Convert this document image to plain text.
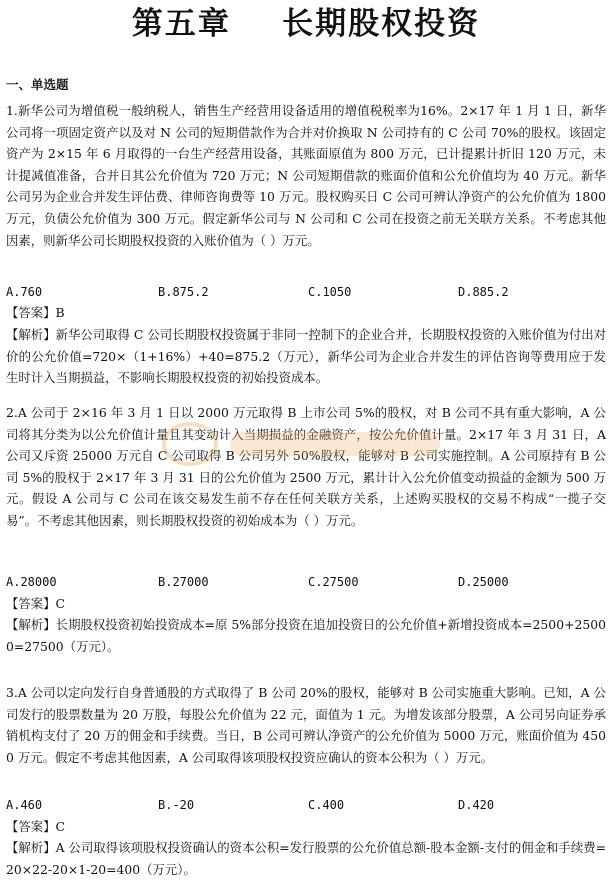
第五章    长期股权投资
一、单选题
1.新华公司为增值税一般纳税人，销售生产经营用设备适用的增值税税率为16%。2×17 年 1 月 1 日，新华公司将一项固定资产以及对 N 公司的短期借款作为合并对价换取 N 公司持有的 C 公司 70%的股权。该固定资产为 2×15 年 6 月取得的一台生产经营用设备，其账面原值为 800 万元，已计提累计折旧 120 万元，未计提减值准备，合并日其公允价值为 720 万元；N 公司短期借款的账面价值和公允价值均为 40 万元。新华公司另为企业合并发生评估费、律师咨询费等 10 万元。股权购买日 C 公司可辨认净资产的公允价值为 1800 万元，负债公允价值为 300 万元。假定新华公司与 N 公司和 C 公司在投资之前无关联方关系。不考虑其他因素，则新华公司长期股权投资的入账价值为（ ）万元。
A.760	B.875.2	C.1050	D.885.2
【答案】B
【解析】新华公司取得 C 公司长期股权投资属于非同一控制下的企业合并，长期股权投资的入账价值为付出对价的公允价值=720×（1+16%）+40=875.2（万元），新华公司为企业合并发生的评估咨询等费用应于发生时计入当期损益，不影响长期股权投资的初始投资成本。
2.A 公司于 2×16 年 3 月 1 日以 2000 万元取得 B 上市公司 5%的股权，对 B 公司不具有重大影响，A 公司将其分类为以公允价值计量且其变动计入当期损益的金融资产，按公允价值计量。2×17 年 3 月 31 日，A 公司又斥资 25000 万元自 C 公司取得 B 公司另外 50%股权，能够对 B 公司实施控制。A 公司原持有 B 公司 5%的股权于 2×17 年 3 月 31 日的公允价值为 2500 万元，累计计入公允价值变动损益的金额为 500 万元。假设 A 公司与 C 公司在该交易发生前不存在任何关联方关系，上述购买股权的交易不构成“一揽子交易”。不考虑其他因素，则长期股权投资的初始成本为（ ）万元。
A.28000	B.27000	C.27500	D.25000
【答案】C
【解析】长期股权投资初始投资成本=原 5%部分投资在追加投资日的公允价值+新增投资成本=2500+25000=27500（万元）。
3.A 公司以定向发行自身普通股的方式取得了 B 公司 20%的股权，能够对 B 公司实施重大影响。已知，A 公司发行的股票数量为 20 万股，每股公允价值为 22 元，面值为 1 元。为增发该部分股票，A 公司另向证券承销机构支付了 20 万的佣金和手续费。当日，B 公司可辨认净资产的公允价值为 5000 万元，账面价值为 4500 万元。假定不考虑其他因素，A 公司取得该项股权投资应确认的资本公积为（ ）万元。
A.460	B.-20	C.400	D.420
【答案】C
【解析】A 公司取得该项股权投资确认的资本公积=发行股票的公允价值总额-股本金额-支付的佣金和手续费=20×22-20×1-20=400（万元）。
